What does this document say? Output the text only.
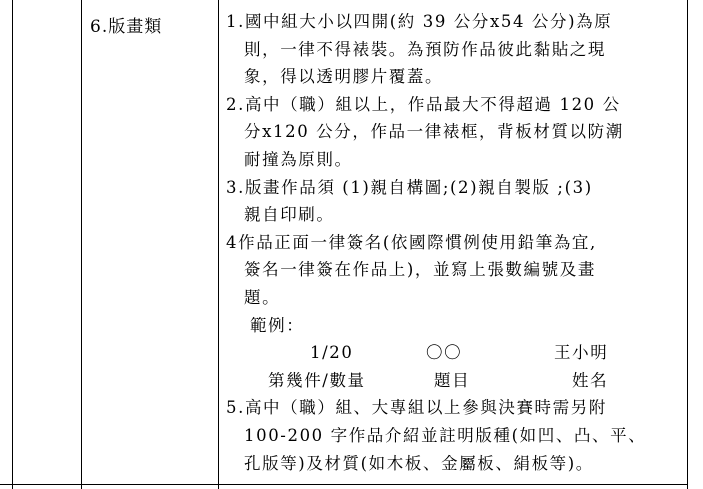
6.版畫類	1.國中組大小以四開(約 39 公分x54 公分)為原
則，一律不得裱裝。為預防作品彼此黏貼之現
象，得以透明膠片覆蓋。
2.高中（職）組以上，作品最大不得超過 120 公
分x120 公分，作品一律裱框，背板材質以防潮
耐撞為原則。
3.版畫作品須 (1)親自構圖;(2)親自製版 ;(3)
親自印刷。
4作品正面一律簽名(依國際慣例使用鉛筆為宜,
簽名一律簽在作品上)，並寫上張數編號及畫
題。
範例：
1/20	〇〇	王小明
第幾件/數量	題目	姓名
5.高中（職）組、大專組以上參與決賽時需另附
100-200 字作品介紹並註明版種(如凹、凸、平、
孔版等)及材質(如木板、金屬板、絹板等)。
